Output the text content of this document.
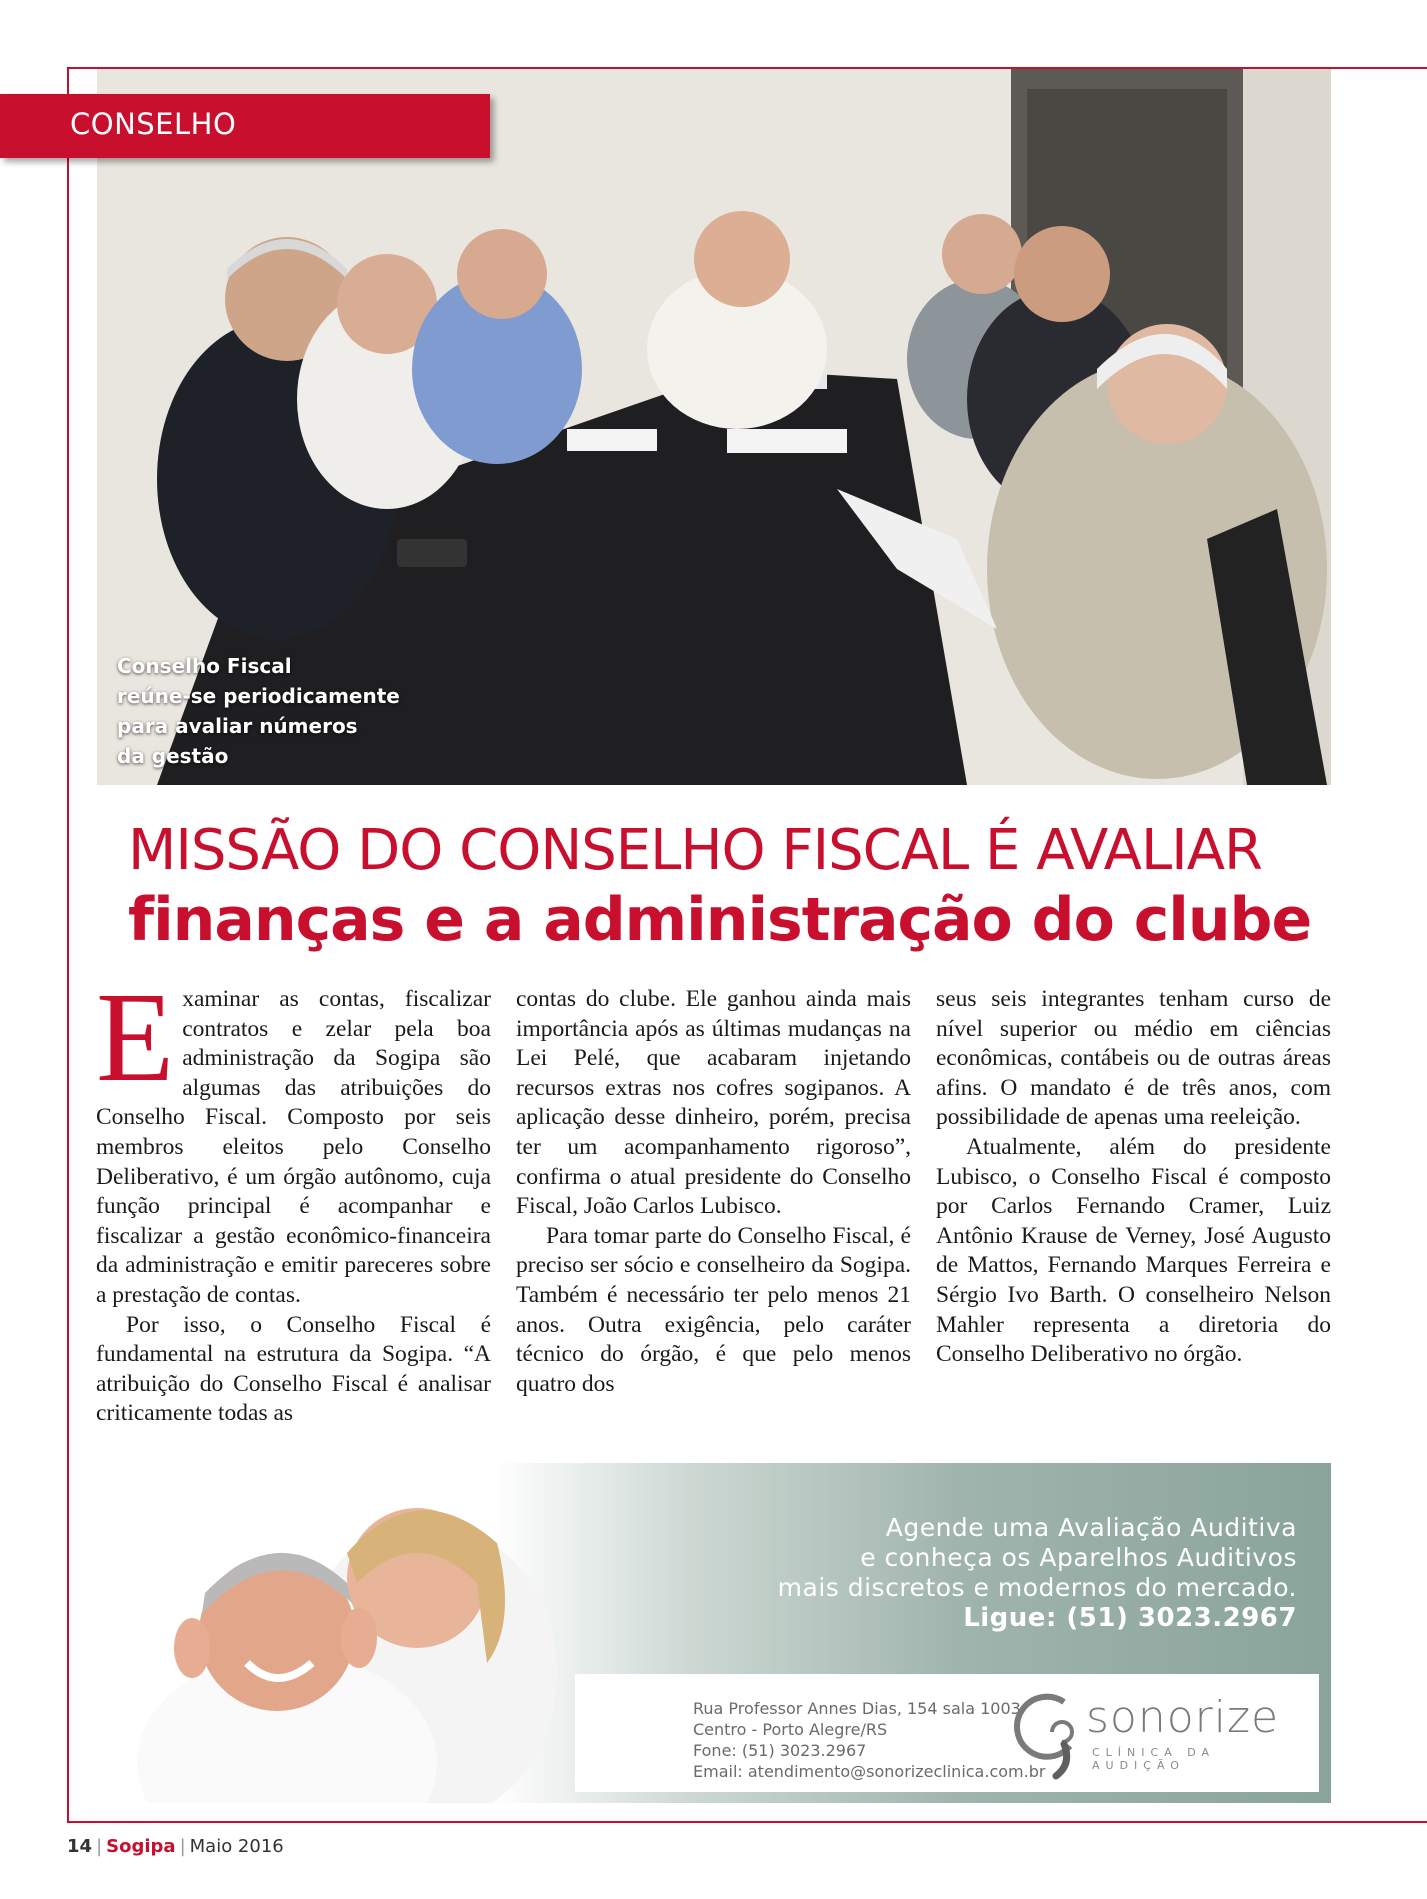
Conselho Fiscal
reúne-se periodicamente
para avaliar números
da gestão
CONSELHO
MISSÃO DO CONSELHO FISCAL É AVALIAR
finanças e a administração do clube

Examinar as contas, fiscalizar contratos e zelar pela boa administração da Sogipa são algumas das atribuições do Conselho Fiscal. Composto por seis membros eleitos pelo Conselho Deliberativo, é um órgão autônomo, cuja função principal é acompanhar e fiscalizar a gestão econômico-financeira da administração e emitir pareceres sobre a prestação de contas.

Por isso, o Conselho Fiscal é fundamental na estrutura da Sogipa. “A atribuição do Conselho Fiscal é analisar criticamente todas as

contas do clube. Ele ganhou ainda mais importância após as últimas mudanças na Lei Pelé, que acabaram injetando recursos extras nos cofres sogipanos. A aplicação desse dinheiro, porém, precisa ter um acompanhamento rigoroso”, confirma o atual presidente do Conselho Fiscal, João Carlos Lubisco.

Para tomar parte do Conselho Fiscal, é preciso ser sócio e conselheiro da Sogipa. Também é necessário ter pelo menos 21 anos. Outra exigência, pelo caráter técnico do órgão, é que pelo menos quatro dos

seus seis integrantes tenham curso de nível superior ou médio em ciências econômicas, contábeis ou de outras áreas afins. O mandato é de três anos, com possibilidade de apenas uma reeleição.

Atualmente, além do presidente Lubisco, o Conselho Fiscal é composto por Carlos Fernando Cramer, Luiz Antônio Krause de Verney, José Augusto de Mattos, Fernando Marques Ferreira e Sérgio Ivo Barth. O conselheiro Nelson Mahler representa a diretoria do Conselho Deliberativo no órgão.

Agende uma Avaliação Auditiva
e conheça os Aparelhos Auditivos
mais discretos e modernos do mercado.
Ligue: (51) 3023.2967
Rua Professor Annes Dias, 154 sala 1003
Centro - Porto Alegre/RS
Fone: (51) 3023.2967
Email: atendimento@sonorizeclinica.com.br
sonorize
CLÍNICA DA AUDIÇÃO
14 | Sogipa | Maio 2016
